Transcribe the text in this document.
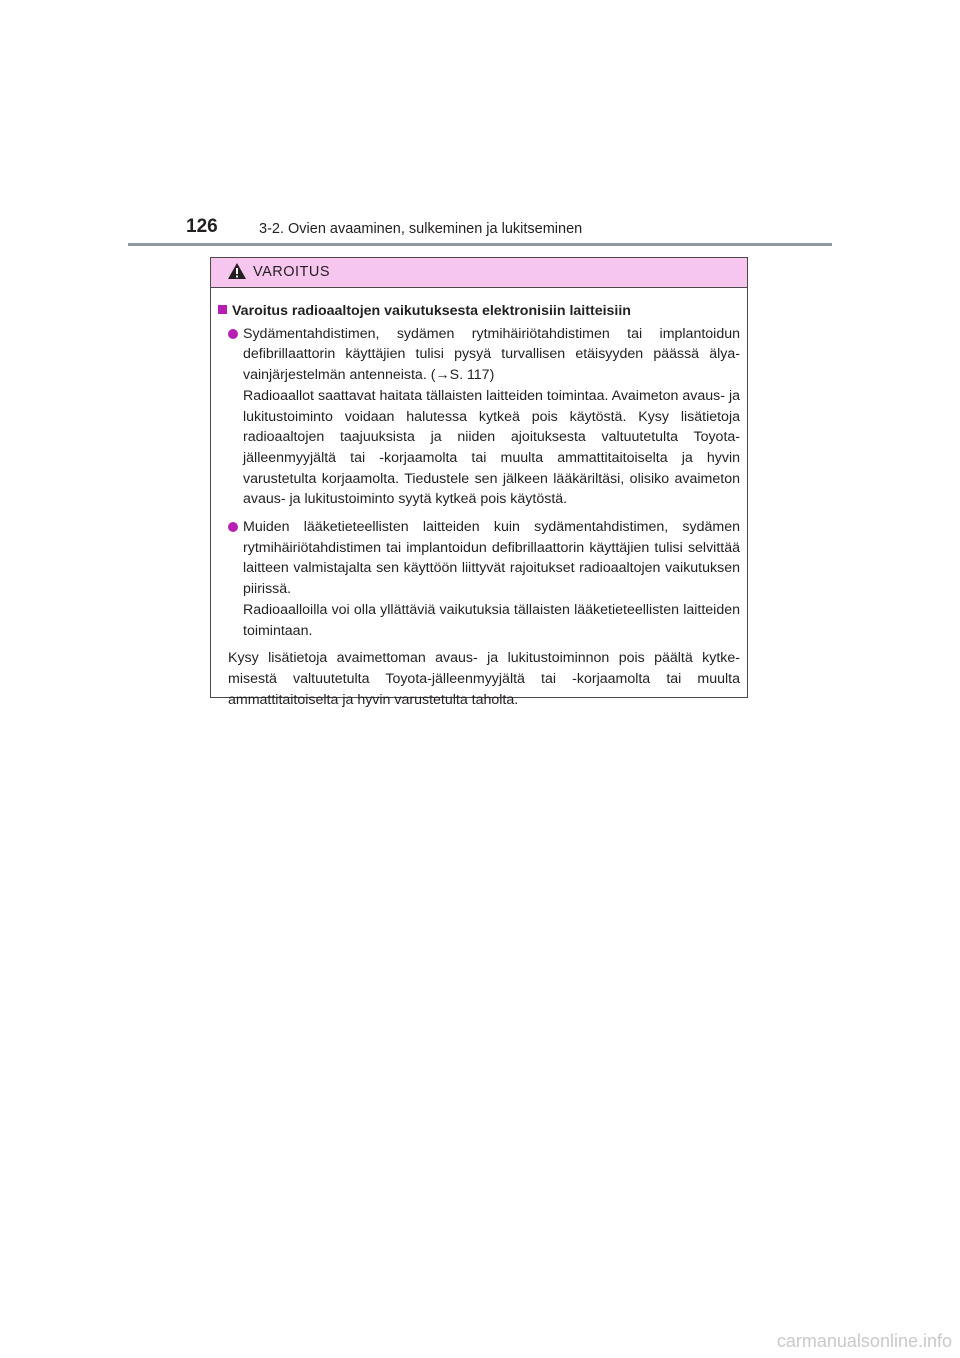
126	3-2. Ovien avaaminen, sulkeminen ja lukitseminen
VAROITUS
Varoitus radioaaltojen vaikutuksesta elektronisiin laitteisiin

Sydämentahdistimen, sydämen rytmihäiriötahdistimen tai implantoidun defibrillaattorin käyttäjien tulisi pysyä turvallisen etäisyyden päässä älyavainjärjestelmän antenneista. (→S. 117)

Radioaallot saattavat haitata tällaisten laitteiden toimintaa. Avaimeton avaus- ja lukitustoiminto voidaan halutessa kytkeä pois käytöstä. Kysy lisätietoja radioaaltojen taajuuksista ja niiden ajoituksesta valtuutetulta Toyota-jälleenmyyjältä tai -korjaamolta tai muulta ammattitaitoiselta ja hyvin varustetulta korjaamolta. Tiedustele sen jälkeen lääkäriltäsi, olisiko avaimeton avaus- ja lukitustoiminto syytä kytkeä pois käytöstä.

Muiden lääketieteellisten laitteiden kuin sydämentahdistimen, sydämen rytmihäiriötahdistimen tai implantoidun defibrillaattorin käyttäjien tulisi selvittää laitteen valmistajalta sen käyttöön liittyvät rajoitukset radioaaltojen vaikutuksen piirissä.

Radioaalloilla voi olla yllättäviä vaikutuksia tällaisten lääketieteellisten laitteiden toimintaan.

Kysy lisätietoja avaimettoman avaus- ja lukitustoiminnon pois päältä kytkemisestä valtuutetulta Toyota-jälleenmyyjältä tai -korjaamolta tai muulta ammattitaitoiselta ja hyvin varustetulta taholta.

carmanualsonline.info
